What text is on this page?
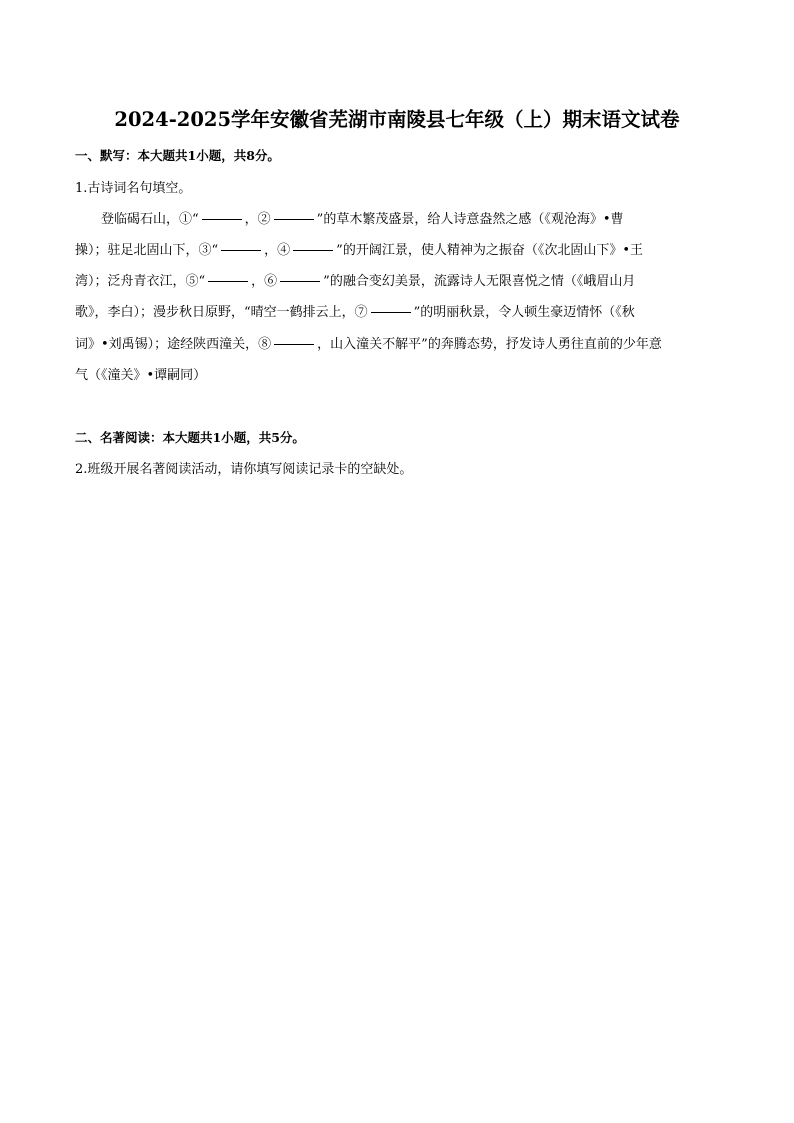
2024-2025学年安徽省芜湖市南陵县七年级（上）期末语文试卷
一、默写：本大题共1小题，共8分。
1.古诗词名句填空。
登临碣石山，①“	，②	”的草木繁茂盛景，给人诗意盎然之感（《观沧海》•曹
操）；驻足北固山下，③“	，④	”的开阔江景，使人精神为之振奋（《次北固山下》•王
湾）；泛舟青衣江，⑤“	，⑥	”的融合变幻美景，流露诗人无限喜悦之情（《峨眉山月
歌》，李白）；漫步秋日原野，“晴空一鹤排云上，⑦	”的明丽秋景，令人顿生豪迈情怀（《秋
词》•刘禹锡）；途经陕西潼关，⑧	，山入潼关不解平”的奔腾态势，抒发诗人勇往直前的少年意
气（《潼关》•谭嗣同）
二、名著阅读：本大题共1小题，共5分。
2.班级开展名著阅读活动，请你填写阅读记录卡的空缺处。
